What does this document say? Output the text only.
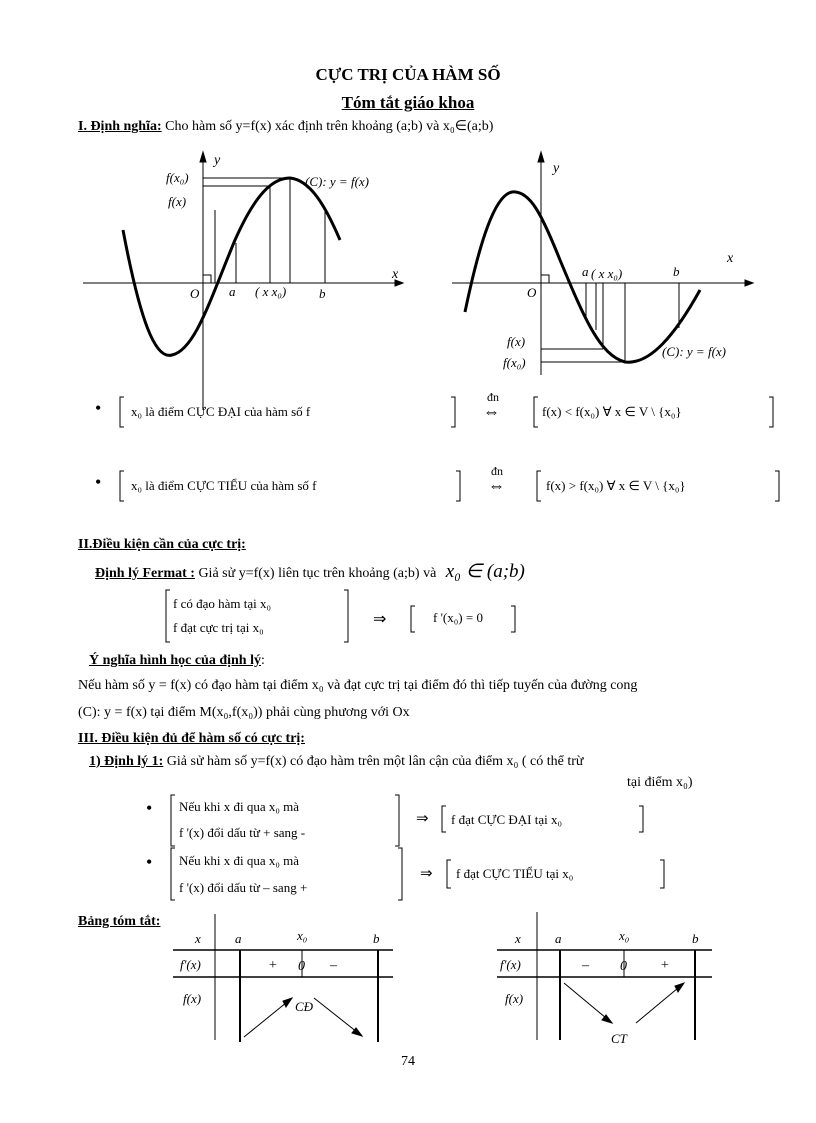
CỰC TRỊ CỦA HÀM SỐ
Tóm tắt giáo khoa
I. Định nghĩa: Cho hàm số y=f(x) xác định trên khoảng (a;b) và x₀∈(a;b)
y
x
f(x₀)
f(x)
(C): y = f(x)
O a ( x x₀)	b
y
x
O
a ( x x₀)	b
f(x)
f(x₀)
(C): y = f(x)
• x₀ là điểm CỰC ĐẠI của hàm số f
đn
⇔	f(x) < f(x₀) ∀ x ∈ V \ {x₀}
• x₀ là điểm CỰC TIỂU của hàm số f
đn
⇔	f(x) > f(x₀) ∀ x ∈ V \ {x₀}
II.Điều kiện cần của cực trị:
Định lý Fermat : Giả sử y=f(x) liên tục trên khoảng (a;b) và x₀ ∈ (a;b)
f có đạo hàm tại x₀
f đạt cực trị tại x₀	⇒	f '(x₀) = 0
Ý nghĩa hình học của định lý:
Nếu hàm số y = f(x) có đạo hàm tại điểm x₀ và đạt cực trị tại điểm đó thì tiếp tuyến của đường cong
(C): y = f(x) tại điểm M(x₀,f(x₀)) phải cùng phương với Ox
III. Điều kiện đủ để hàm số có cực trị:
1) Định lý 1: Giả sử hàm số y=f(x) có đạo hàm trên một lân cận của điểm x₀ ( có thể trừ
tại điểm x₀)
• Nếu khi x đi qua x₀ mà
f '(x) đổi dấu từ + sang -
⇒ f đạt CỰC ĐẠI tại x₀
• Nếu khi x đi qua x₀ mà
f '(x) đổi dấu từ – sang +
⇒ f đạt CỰC TIỂU tại x₀
Bảng tóm tắt:
x	a	x₀	b
f'(x)	+ 0 –
f(x)
CĐ
x	a	x₀	b
f'(x)	– 0 +
f(x)
CT
74
